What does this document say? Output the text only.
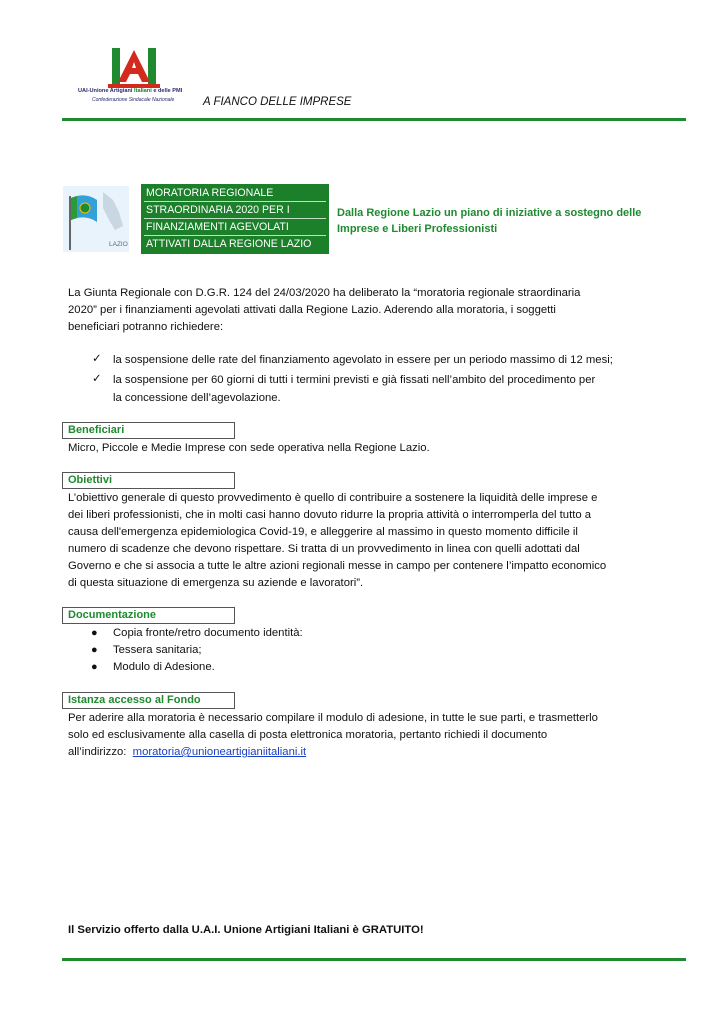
UAI-Unione Artigiani Italiani e delle PMI
Confederazione Sindacale Nazionale A FIANCO DELLE IMPRESE
LAZIO
MORATORIA REGIONALE
STRAORDINARIA 2020 PER I
FINANZIAMENTI AGEVOLATI
ATTIVATI DALLA REGIONE LAZIO
Dalla Regione Lazio un piano di iniziative a sostegno delle
Imprese e Liberi Professionisti
La Giunta Regionale con D.G.R. 124 del 24/03/2020 ha deliberato la “moratoria regionale straordinaria
2020” per i finanziamenti agevolati attivati dalla Regione Lazio. Aderendo alla moratoria, i soggetti
beneficiari potranno richiedere:
✓ la sospensione delle rate del finanziamento agevolato in essere per un periodo massimo di 12 mesi;
✓ la sospensione per 60 giorni di tutti i termini previsti e già fissati nell’ambito del procedimento per
la concessione dell’agevolazione.
Beneficiari
Micro, Piccole e Medie Imprese con sede operativa nella Regione Lazio.
Obiettivi
L’obiettivo generale di questo provvedimento è quello di contribuire a sostenere la liquidità delle imprese e
dei liberi professionisti, che in molti casi hanno dovuto ridurre la propria attività o interromperla del tutto a
causa dell'emergenza epidemiologica Covid-19, e alleggerire al massimo in questo momento difficile il
numero di scadenze che devono rispettare. Si tratta di un provvedimento in linea con quelli adottati dal
Governo e che si associa a tutte le altre azioni regionali messe in campo per contenere l’impatto economico
di questa situazione di emergenza su aziende e lavoratori”.
Documentazione
● Copia fronte/retro documento identità:
● Tessera sanitaria;
● Modulo di Adesione.
Istanza accesso al Fondo
Per aderire alla moratoria è necessario compilare il modulo di adesione, in tutte le sue parti, e trasmetterlo
solo ed esclusivamente alla casella di posta elettronica moratoria, pertanto richiedi il documento
all’indirizzo: moratoria@unioneartigianiitaliani.it
Il Servizio offerto dalla U.A.I. Unione Artigiani Italiani è GRATUITO!
